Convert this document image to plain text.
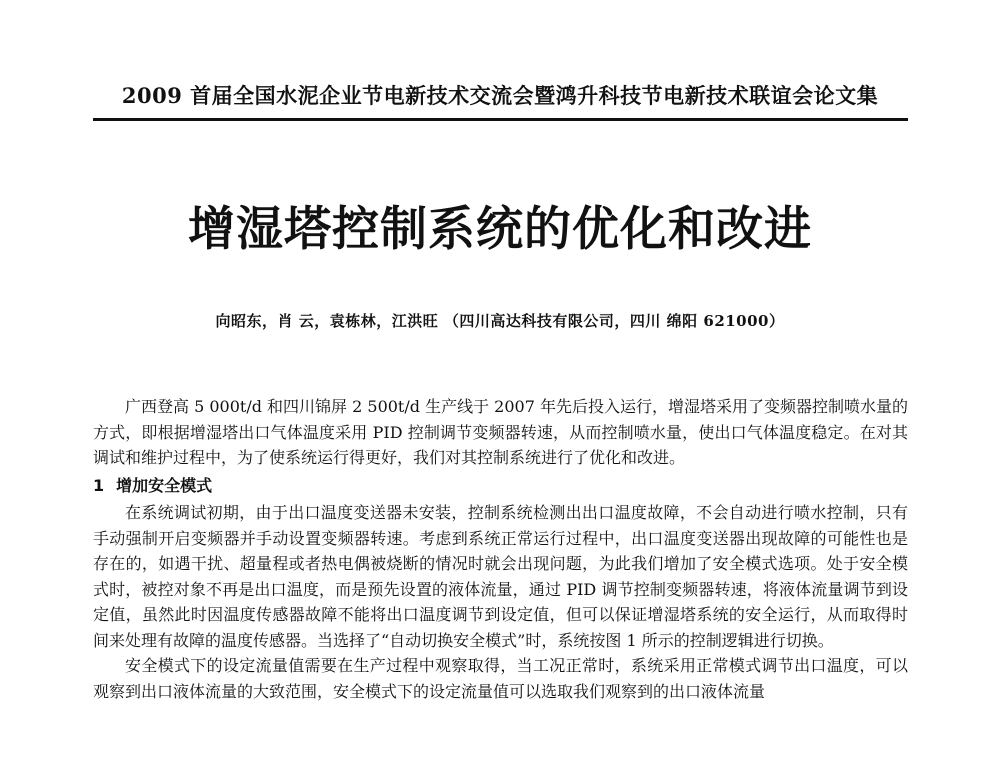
2009 首届全国水泥企业节电新技术交流会暨鸿升科技节电新技术联谊会论文集
增湿塔控制系统的优化和改进
向昭东，肖 云，袁栋林，江洪旺 （四川高达科技有限公司，四川 绵阳 621000）

广西登高 5 000t/d 和四川锦屏 2 500t/d 生产线于 2007 年先后投入运行，增湿塔采用了变频器控制喷水量的方式，即根据增湿塔出口气体温度采用 PID 控制调节变频器转速，从而控制喷水量，使出口气体温度稳定。在对其调试和维护过程中，为了使系统运行得更好，我们对其控制系统进行了优化和改进。

1 增加安全模式

在系统调试初期，由于出口温度变送器未安装，控制系统检测出出口温度故障，不会自动进行喷水控制，只有手动强制开启变频器并手动设置变频器转速。考虑到系统正常运行过程中，出口温度变送器出现故障的可能性也是存在的，如遇干扰、超量程或者热电偶被烧断的情况时就会出现问题，为此我们增加了安全模式选项。处于安全模式时，被控对象不再是出口温度，而是预先设置的液体流量，通过 PID 调节控制变频器转速，将液体流量调节到设定值，虽然此时因温度传感器故障不能将出口温度调节到设定值，但可以保证增湿塔系统的安全运行，从而取得时间来处理有故障的温度传感器。当选择了“自动切换安全模式”时，系统按图 1 所示的控制逻辑进行切换。

安全模式下的设定流量值需要在生产过程中观察取得，当工况正常时，系统采用正常模式调节出口温度，可以观察到出口液体流量的大致范围，安全模式下的设定流量值可以选取我们观察到的出口液体流量
